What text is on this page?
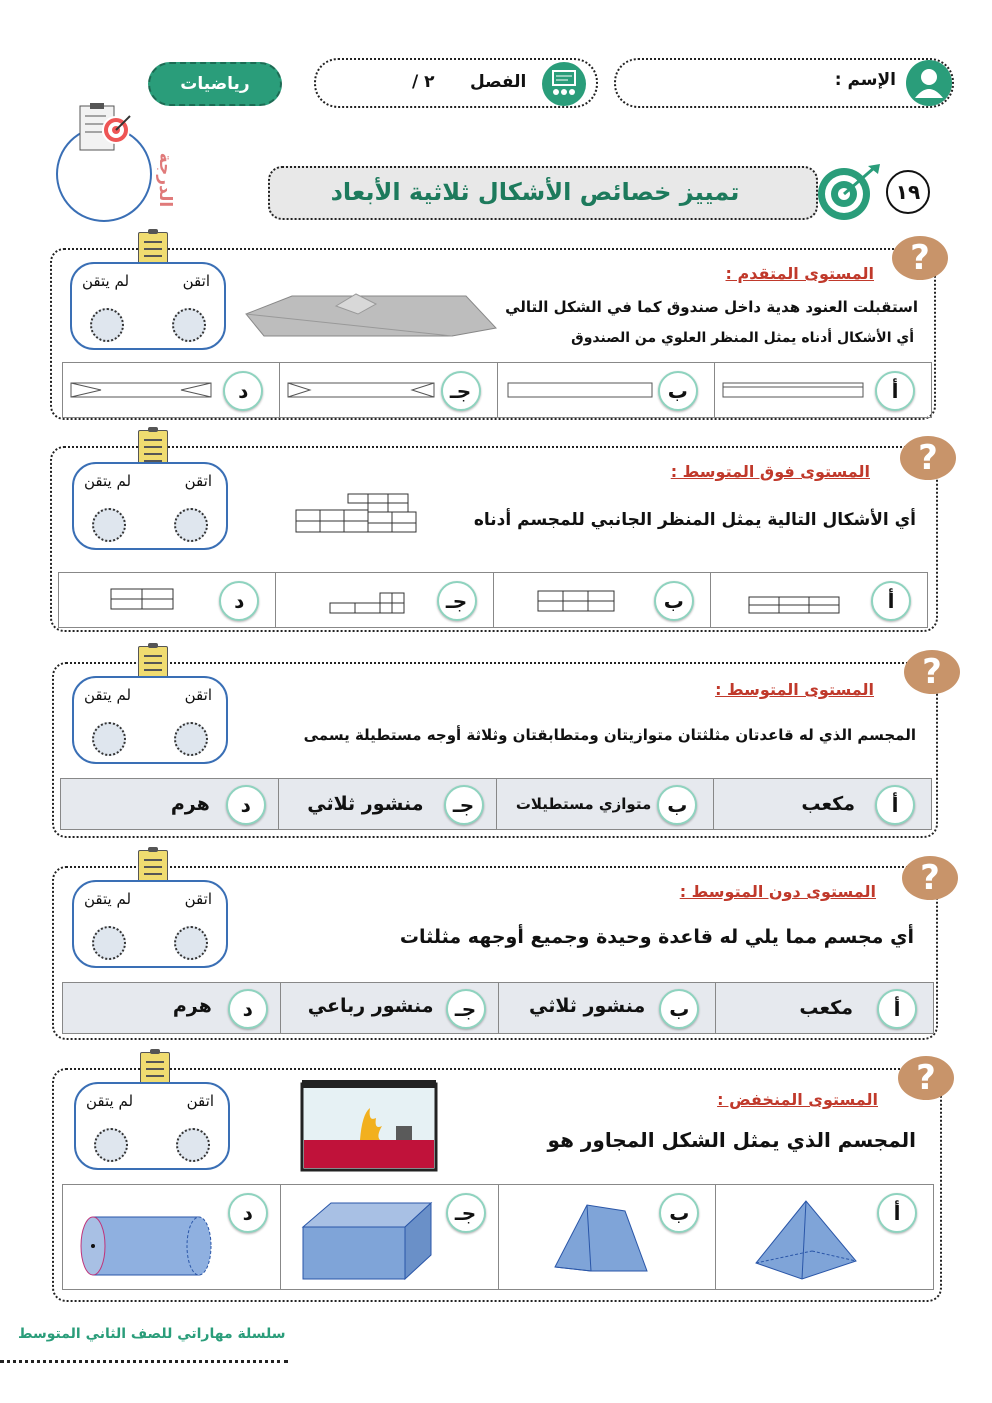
الإسم :
الفصل
٢ /
رياضيات
الدرجة	تمييز خصائص الأشكال ثلاثية الأبعاد	١٩
?
المستوى المتقدم :
استقبلت العنود هدية داخل صندوق كما في الشكل التالي
أي الأشكال أدناه يمثل المنظر العلوي من الصندوق
اتقن
لم يتقن
أ
ب
جـ
د
?
المستوى فوق المتوسط :
أي الأشكال التالية يمثل المنظر الجانبي للمجسم أدناه
اتقن
لم يتقن
أ
ب
جـ
د
?
المستوى المتوسط :
المجسم الذي له قاعدتان مثلثتان متوازيتان ومتطابقتان وثلاثة أوجه مستطيلة يسمى
اتقن
لم يتقن
أ
مكعب
ب
متوازي مستطيلات
جـ
منشور ثلاثي
د
هرم
?
المستوى دون المتوسط :
أي مجسم مما يلي له قاعدة وحيدة وجميع أوجهه مثلثات
اتقن
لم يتقن
أ
مكعب
ب
منشور ثلاثي
جـ
منشور رباعي
د
هرم
?
المستوى المنخفض :
المجسم الذي يمثل الشكل المجاور هو
اتقن
لم يتقن
أ
ب
جـ
د
سلسلة مهاراتي للصف الثاني المتوسط
